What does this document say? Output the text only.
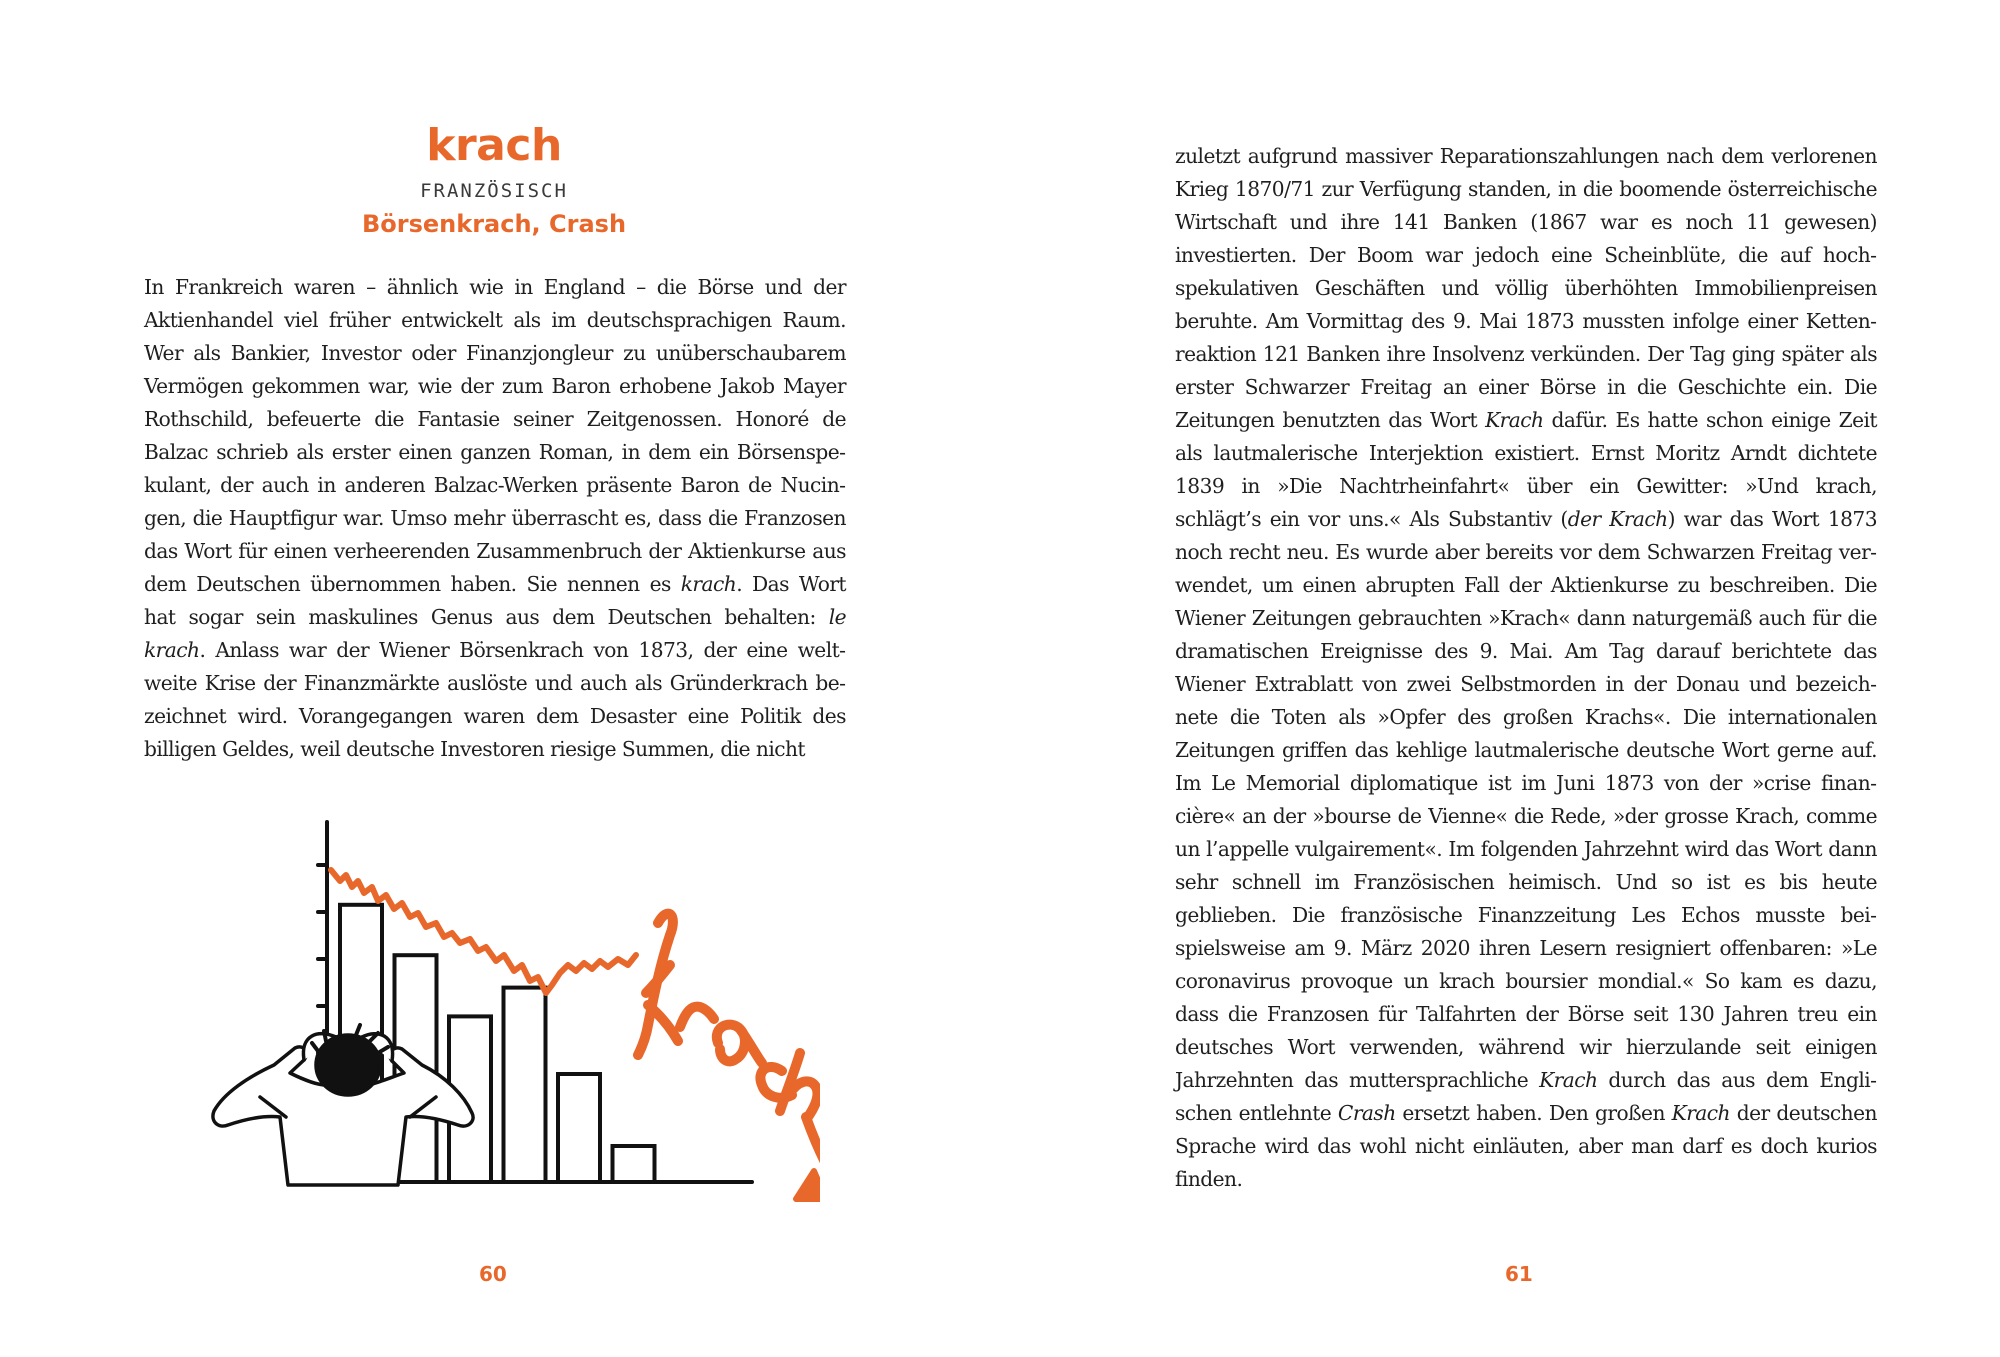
krach
FRANZÖSISCH
Börsenkrach, Crash

In Frankreich waren – ähnlich wie in England – die Börse und der Aktienhandel viel früher entwickelt als im deutschsprachigen Raum. Wer als Bankier, Investor oder Finanzjongleur zu unüberschaubarem Vermögen gekommen war, wie der zum Baron erhobene Jakob Mayer Rothschild, befeuerte die Fantasie seiner Zeitgenossen. Honoré de Balzac schrieb als erster einen ganzen Roman, in dem ein Börsenspekulant, der auch in anderen Balzac-Werken präsente Baron de Nucingen, die Hauptfigur war. Umso mehr überrascht es, dass die Franzosen das Wort für einen verheerenden Zusammenbruch der Aktienkurse aus dem Deutschen übernommen haben. Sie nennen es krach. Das Wort hat sogar sein maskulines Genus aus dem Deutschen behalten: le krach. Anlass war der Wiener Börsenkrach von 1873, der eine weltweite Krise der Finanzmärkte auslöste und auch als Gründerkrach bezeichnet wird. Vorangegangen waren dem Desaster eine Politik des billigen Geldes, weil deutsche Investoren riesige Summen, die nicht

60

zuletzt aufgrund massiver Reparationszahlungen nach dem verlorenen Krieg 1870/71 zur Verfügung standen, in die boomende österreichische Wirtschaft und ihre 141 Banken (1867 war es noch 11 gewesen) investierten. Der Boom war jedoch eine Scheinblüte, die auf hochspekulativen Geschäften und völlig überhöhten Immobilienpreisen beruhte. Am Vormittag des 9. Mai 1873 mussten infolge einer Kettenreaktion 121 Banken ihre Insolvenz verkünden. Der Tag ging später als erster Schwarzer Freitag an einer Börse in die Geschichte ein. Die Zeitungen benutzten das Wort Krach dafür. Es hatte schon einige Zeit als lautmalerische Interjektion existiert. Ernst Moritz Arndt dichtete 1839 in »Die Nachtrheinfahrt« über ein Gewitter: »Und krach, schlägt’s ein vor uns.« Als Substantiv (der Krach) war das Wort 1873 noch recht neu. Es wurde aber bereits vor dem Schwarzen Freitag verwendet, um einen abrupten Fall der Aktienkurse zu beschreiben. Die Wiener Zeitungen gebrauchten »Krach« dann naturgemäß auch für die dramatischen Ereignisse des 9. Mai. Am Tag darauf berichtete das Wiener Extrablatt von zwei Selbstmorden in der Donau und bezeichnete die Toten als »Opfer des großen Krachs«. Die internationalen Zeitungen griffen das kehlige lautmalerische deutsche Wort gerne auf. Im Le Memorial diplomatique ist im Juni 1873 von der »crise financière« an der »bourse de Vienne« die Rede, »der grosse Krach, comme un l’appelle vulgairement«. Im folgenden Jahrzehnt wird das Wort dann sehr schnell im Französischen heimisch. Und so ist es bis heute geblieben. Die französische Finanzzeitung Les Echos musste beispielsweise am 9. März 2020 ihren Lesern resigniert offenbaren: »Le coronavirus provoque un krach boursier mondial.« So kam es dazu, dass die Franzosen für Talfahrten der Börse seit 130 Jahren treu ein deutsches Wort verwenden, während wir hierzulande seit einigen Jahrzehnten das muttersprachliche Krach durch das aus dem Englischen entlehnte Crash ersetzt haben. Den großen Krach der deutschen Sprache wird das wohl nicht einläuten, aber man darf es doch kurios finden.

61
